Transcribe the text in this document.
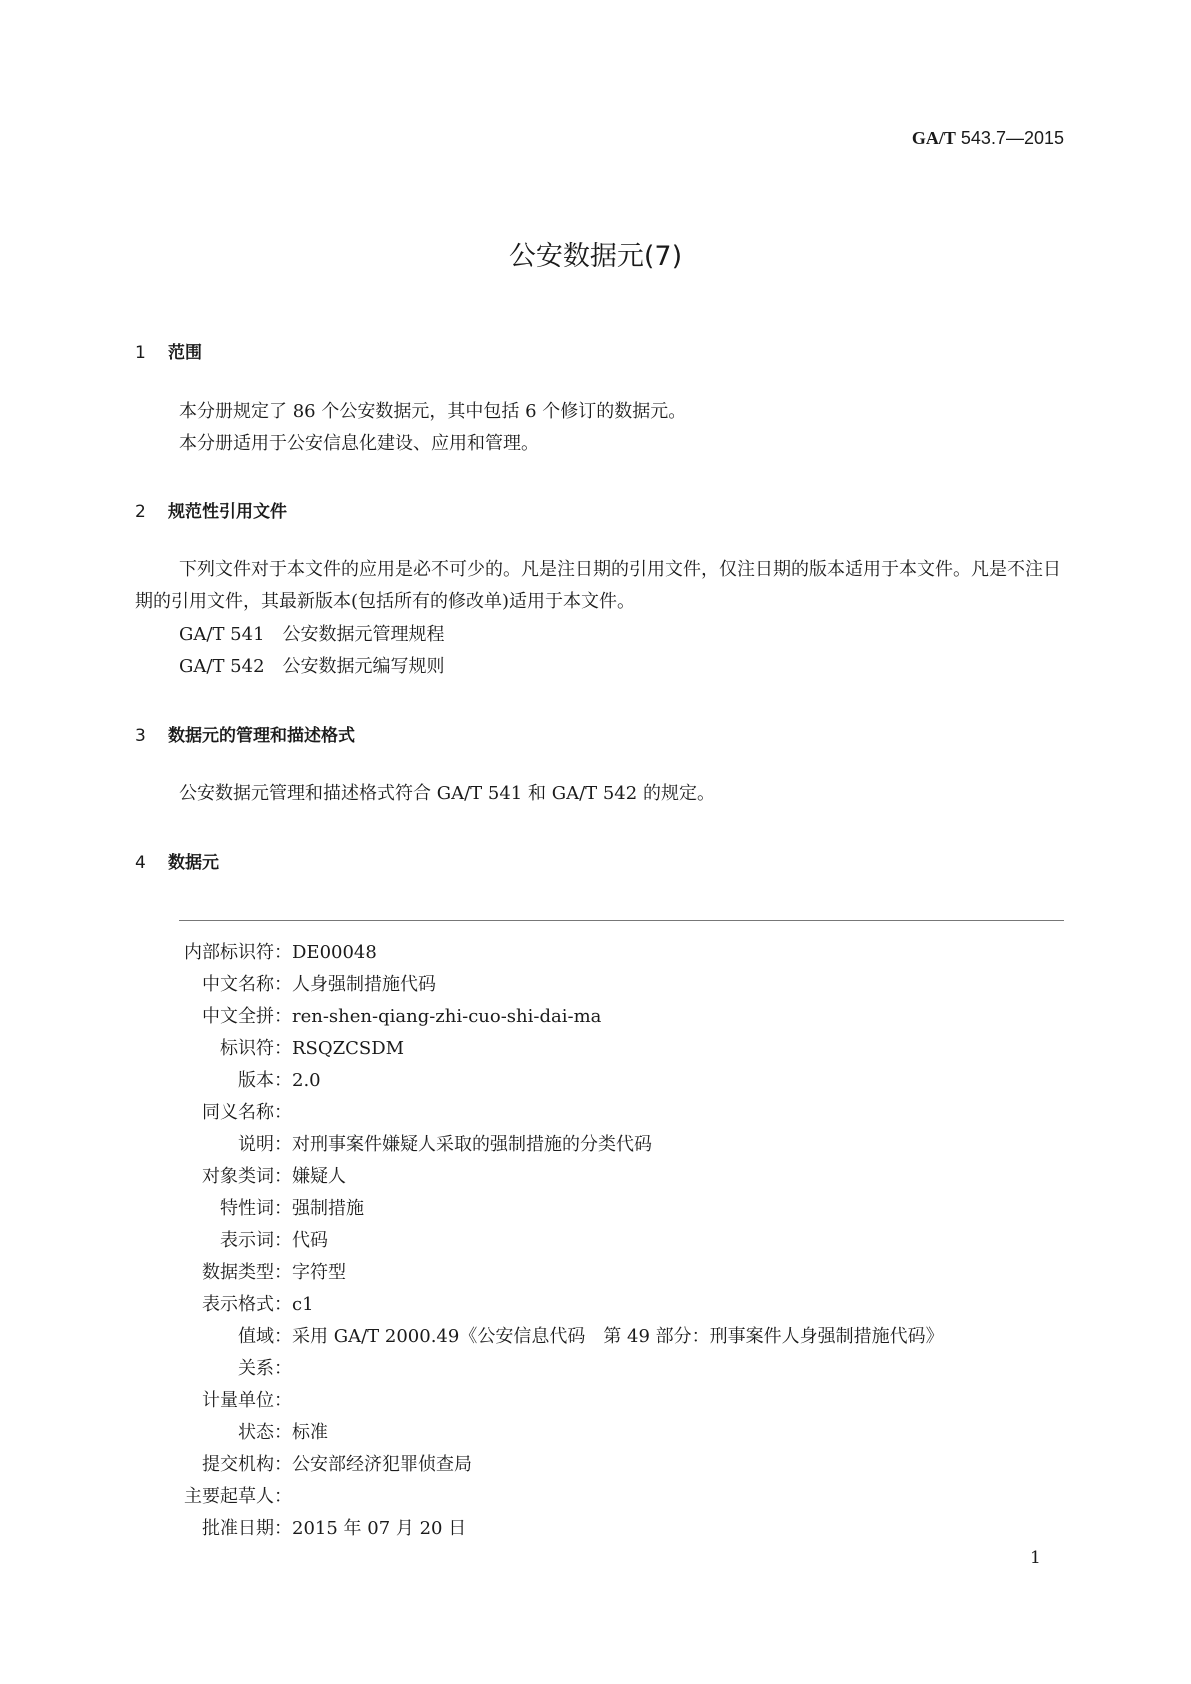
GA/T 543.7—2015
公安数据元(7)
1 范围
本分册规定了 86 个公安数据元，其中包括 6 个修订的数据元。
本分册适用于公安信息化建设、应用和管理。
2 规范性引用文件
下列文件对于本文件的应用是必不可少的。凡是注日期的引用文件，仅注日期的版本适用于本文件。凡是不注日期的引用文件，其最新版本(包括所有的修改单)适用于本文件。
GA/T 541　公安数据元管理规程
GA/T 542　公安数据元编写规则
3 数据元的管理和描述格式
公安数据元管理和描述格式符合 GA/T 541 和 GA/T 542 的规定。
4 数据元
内部标识符： DE00048
中文名称： 人身强制措施代码
中文全拼： ren-shen-qiang-zhi-cuo-shi-dai-ma
标识符： RSQZCSDM
版本： 2.0
同义名称：
说明： 对刑事案件嫌疑人采取的强制措施的分类代码
对象类词： 嫌疑人
特性词： 强制措施
表示词： 代码
数据类型： 字符型
表示格式： c1
值域： 采用 GA/T 2000.49《公安信息代码　第 49 部分：刑事案件人身强制措施代码》
关系：
计量单位：
状态： 标准
提交机构： 公安部经济犯罪侦查局
主要起草人：
批准日期： 2015 年 07 月 20 日
1
